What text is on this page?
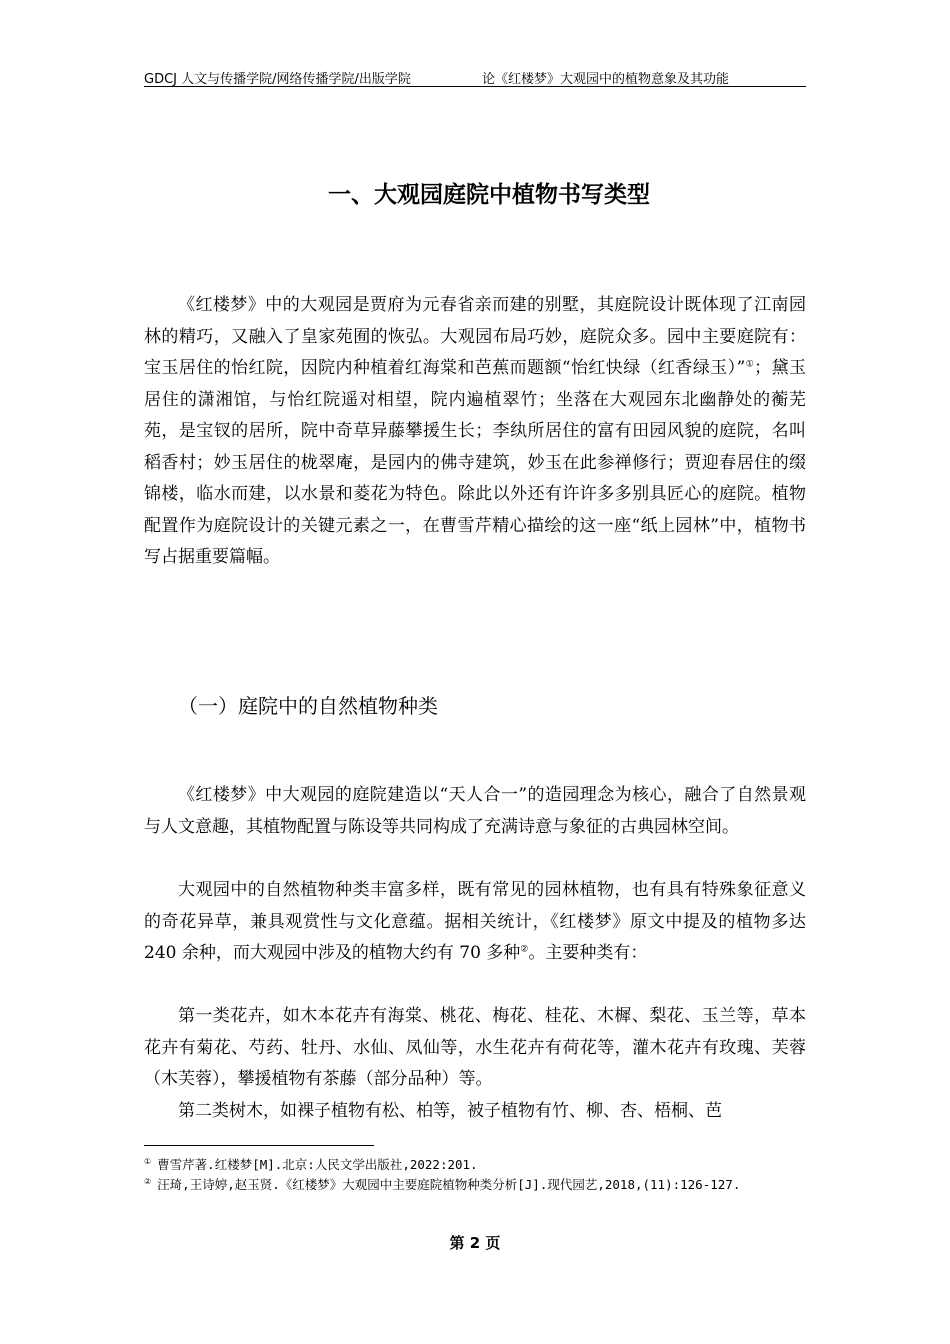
GDCJ 人文与传播学院/网络传播学院/出版学院	论《红楼梦》大观园中的植物意象及其功能
一、大观园庭院中植物书写类型

《红楼梦》中的大观园是贾府为元春省亲而建的别墅，其庭院设计既体现了江南园林的精巧，又融入了皇家苑囿的恢弘。大观园布局巧妙，庭院众多。园中主要庭院有：宝玉居住的怡红院，因院内种植着红海棠和芭蕉而题额“怡红快绿（红香绿玉）”①；黛玉居住的潇湘馆，与怡红院遥对相望，院内遍植翠竹；坐落在大观园东北幽静处的蘅芜苑，是宝钗的居所，院中奇草异藤攀援生长；李纨所居住的富有田园风貌的庭院，名叫稻香村；妙玉居住的栊翠庵，是园内的佛寺建筑，妙玉在此参禅修行；贾迎春居住的缀锦楼，临水而建，以水景和菱花为特色。除此以外还有许许多多别具匠心的庭院。植物配置作为庭院设计的关键元素之一，在曹雪芹精心描绘的这一座“纸上园林”中，植物书写占据重要篇幅。

（一）庭院中的自然植物种类

《红楼梦》中大观园的庭院建造以“天人合一”的造园理念为核心，融合了自然景观与人文意趣，其植物配置与陈设等共同构成了充满诗意与象征的古典园林空间。

大观园中的自然植物种类丰富多样，既有常见的园林植物，也有具有特殊象征意义的奇花异草，兼具观赏性与文化意蕴。据相关统计，《红楼梦》原文中提及的植物多达 240 余种，而大观园中涉及的植物大约有 70 多种②。主要种类有：

第一类花卉，如木本花卉有海棠、桃花、梅花、桂花、木樨、梨花、玉兰等，草本花卉有菊花、芍药、牡丹、水仙、凤仙等，水生花卉有荷花等，灌木花卉有玫瑰、芙蓉（木芙蓉），攀援植物有茶藤（部分品种）等。

第二类树木，如裸子植物有松、柏等，被子植物有竹、柳、杏、梧桐、芭

① 曹雪芹著.红楼梦[M].北京:人民文学出版社,2022:201.

② 汪琦,王诗婷,赵玉贤.《红楼梦》大观园中主要庭院植物种类分析[J].现代园艺,2018,(11):126-127.

第 2 页
